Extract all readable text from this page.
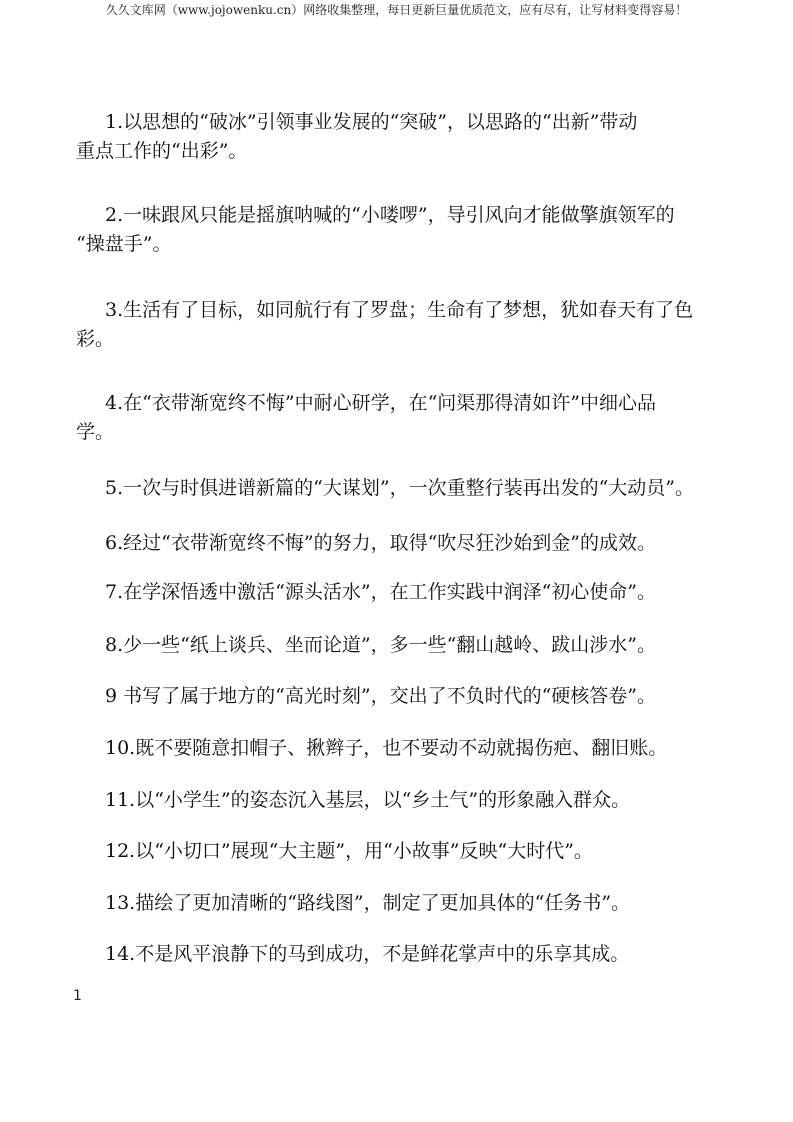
久久文库网（www.jojowenku.cn）网络收集整理，每日更新巨量优质范文，应有尽有，让写材料变得容易！
1.以思想的“破冰”引领事业发展的“突破”，以思路的“出新”带动
重点工作的“出彩”。
2.一味跟风只能是摇旗呐喊的“小喽啰”，导引风向才能做擎旗领军的
“操盘手”。
3.生活有了目标，如同航行有了罗盘；生命有了梦想，犹如春天有了色
彩。
4.在“衣带渐宽终不悔”中耐心研学，在“问渠那得清如许”中细心品
学。
5.一次与时俱进谱新篇的“大谋划”，一次重整行装再出发的“大动员”。
6.经过“衣带渐宽终不悔”的努力，取得“吹尽狂沙始到金”的成效。
7.在学深悟透中激活“源头活水”，在工作实践中润泽“初心使命”。
8.少一些“纸上谈兵、坐而论道”，多一些“翻山越岭、跋山涉水”。
9 书写了属于地方的“高光时刻”，交出了不负时代的“硬核答卷”。
10.既不要随意扣帽子、揪辫子，也不要动不动就揭伤疤、翻旧账。
11.以“小学生”的姿态沉入基层，以“乡土气”的形象融入群众。
12.以“小切口”展现“大主题”，用“小故事”反映“大时代”。
13.描绘了更加清晰的“路线图”，制定了更加具体的“任务书”。
14.不是风平浪静下的马到成功，不是鲜花掌声中的乐享其成。
1
